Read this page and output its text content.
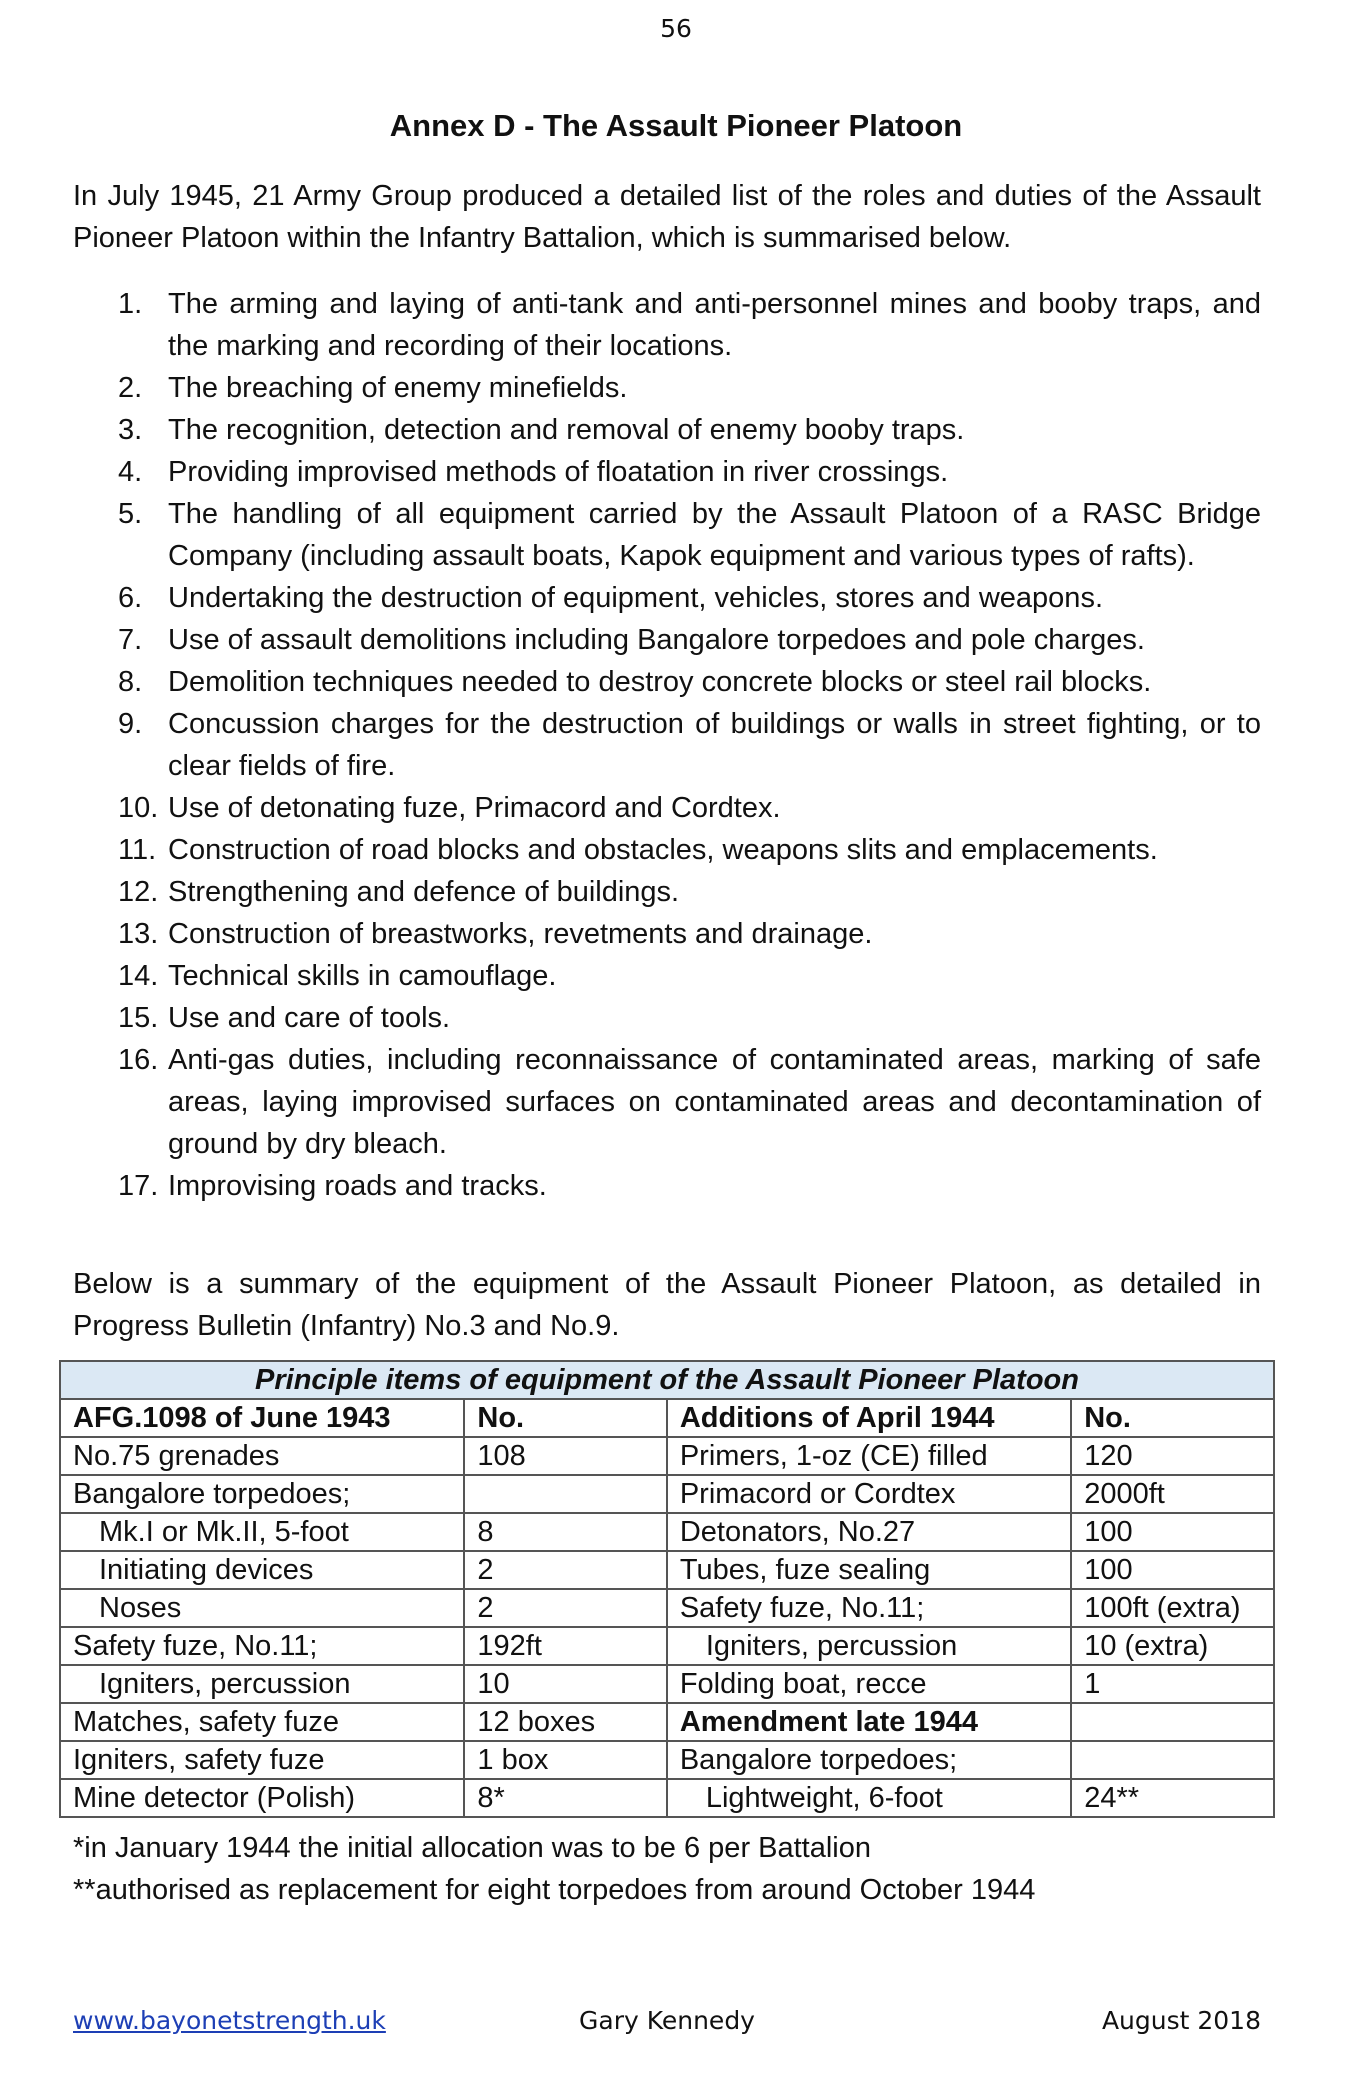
56
Annex D - The Assault Pioneer Platoon
In July 1945, 21 Army Group produced a detailed list of the roles and duties of the Assault Pioneer Platoon within the Infantry Battalion, which is summarised below.
1. The arming and laying of anti-tank and anti-personnel mines and booby traps, and the marking and recording of their locations.
2. The breaching of enemy minefields.
3. The recognition, detection and removal of enemy booby traps.
4. Providing improvised methods of floatation in river crossings.
5. The handling of all equipment carried by the Assault Platoon of a RASC Bridge Company (including assault boats, Kapok equipment and various types of rafts).
6. Undertaking the destruction of equipment, vehicles, stores and weapons.
7. Use of assault demolitions including Bangalore torpedoes and pole charges.
8. Demolition techniques needed to destroy concrete blocks or steel rail blocks.
9. Concussion charges for the destruction of buildings or walls in street fighting, or to clear fields of fire.
10. Use of detonating fuze, Primacord and Cordtex.
11. Construction of road blocks and obstacles, weapons slits and emplacements.
12. Strengthening and defence of buildings.
13. Construction of breastworks, revetments and drainage.
14. Technical skills in camouflage.
15. Use and care of tools.
16. Anti-gas duties, including reconnaissance of contaminated areas, marking of safe areas, laying improvised surfaces on contaminated areas and decontamination of ground by dry bleach.
17. Improvising roads and tracks.
Below is a summary of the equipment of the Assault Pioneer Platoon, as detailed in Progress Bulletin (Infantry) No.3 and No.9.
Principle items of equipment of the Assault Pioneer Platoon			
AFG.1098 of June 1943	No.	Additions of April 1944	No.
No.75 grenades	108	Primers, 1-oz (CE) filled	120
Bangalore torpedoes;		Primacord or Cordtex	2000ft
Mk.I or Mk.II, 5-foot	8	Detonators, No.27	100
Initiating devices	2	Tubes, fuze sealing	100
Noses	2	Safety fuze, No.11;	100ft (extra)
Safety fuze, No.11;	192ft	Igniters, percussion	10 (extra)
Igniters, percussion	10	Folding boat, recce	1
Matches, safety fuze	12 boxes	Amendment late 1944	
Igniters, safety fuze	1 box	Bangalore torpedoes;	
Mine detector (Polish)	8*	Lightweight, 6-foot	24**
*in January 1944 the initial allocation was to be 6 per Battalion
**authorised as replacement for eight torpedoes from around October 1944
www.bayonetstrength.uk	Gary Kennedy	August 2018
